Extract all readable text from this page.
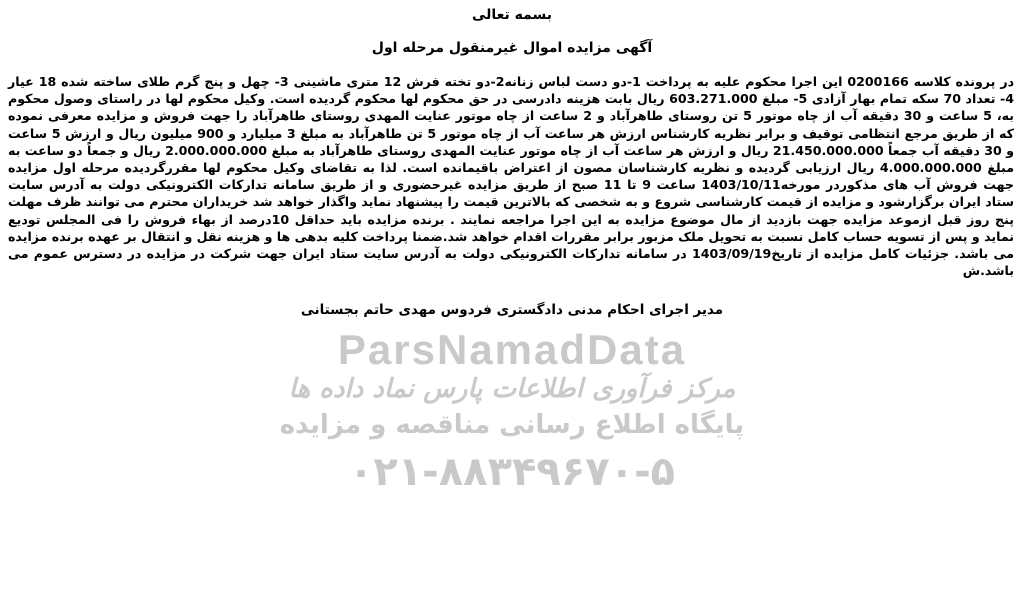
بسمه تعالی
آگهی مزایده اموال غیرمنقول مرحله اول
در پرونده کلاسه 0200166 این اجرا محکوم علیه به پرداخت 1-دو دست لباس زنانه2-دو تخته فرش 12 متری ماشینی 3- چهل و پنج گرم طلای ساخته شده 18 عیار 4- تعداد 70 سکه تمام بهار آزادی 5- مبلغ 603.271.000 ریال بابت هزینه دادرسی در حق محکوم لها محکوم گردیده است. وکیل محکوم لها در راستای وصول محکوم به، 5 ساعت و 30 دقیقه آب از چاه موتور 5 تن روستای طاهرآباد و 2 ساعت از چاه موتور عنایت المهدی روستای طاهرآباد را جهت فروش و مزایده معرفی نموده که از طریق مرجع انتظامی توقیف و برابر نظریه کارشناس ارزش هر ساعت آب از چاه موتور 5 تن طاهرآباد به مبلغ 3 میلیارد و 900 میلیون ریال و ارزش 5 ساعت و 30 دقیقه آب جمعاً 21.450.000.000 ریال و ارزش هر ساعت آب از چاه موتور عنایت المهدی روستای طاهرآباد به مبلغ 2.000.000.000 ریال و جمعاً دو ساعت به مبلغ 4.000.000.000 ریال ارزیابی گردیده و نظریه کارشناسان مصون از اعتراض باقیمانده است. لذا به تقاضای وکیل محکوم لها مقررگردیده مرحله اول مزایده جهت فروش آب های مذکوردر مورخه1403/10/11 ساعت 9 تا 11 صبح از طریق مزایده غیرحضوری و از طریق سامانه تدارکات الکترونیکی دولت به آدرس سایت ستاد ایران برگزارشود و مزایده از قیمت کارشناسی شروع و به شخصی که بالاترین قیمت را پیشنهاد نماید واگذار خواهد شد خریداران محترم می توانند ظرف مهلت پنج روز قبل ازموعد مزایده جهت بازدید از مال موضوع مزایده به این اجرا مراجعه نمایند . برنده مزایده باید حداقل 10درصد از بهاء فروش را فی المجلس تودیع نماید و پس از تسویه حساب کامل نسبت به تحویل ملک مزبور برابر مقررات اقدام خواهد شد.ضمنا پرداخت کلیه بدهی ها و هزینه نقل و انتقال بر عهده برنده مزایده می باشد. جزئیات کامل مزایده از تاریخ1403/09/19 در سامانه تدارکات الکترونیکی دولت به آدرس سایت ستاد ایران جهت شرکت در مزایده در دسترس عموم می باشد.ش
مدیر اجرای احکام مدنی دادگستری فردوس مهدی حاتم بجستانی
ParsNamadData
مرکز فرآوری اطلاعات پارس نماد داده ها
پایگاه اطلاع رسانی مناقصه و مزایده
۰۲۱-۸۸۳۴۹۶۷۰-۵
